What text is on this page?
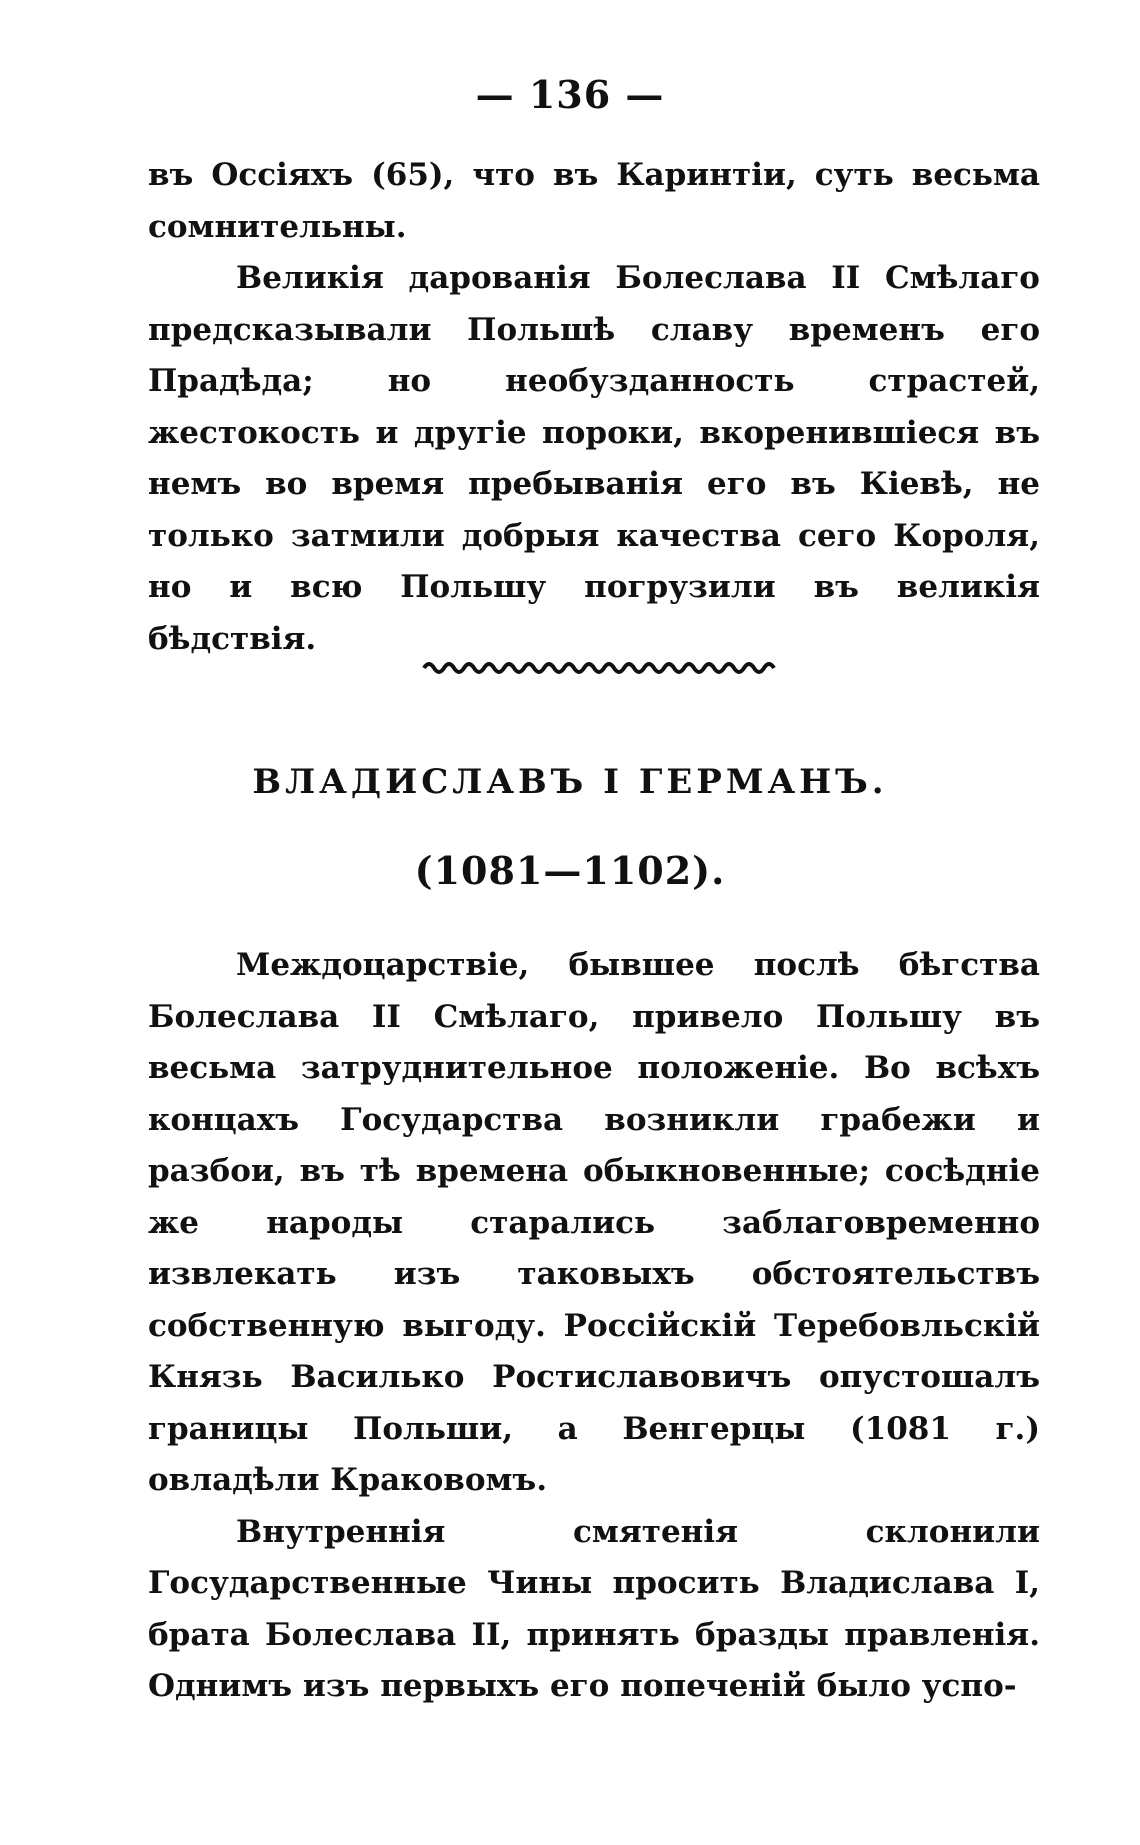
— 136 —

въ Оссіяхъ (65), что въ Каринтіи, суть весьма сомнительны.

Великія дарованія Болеслава II Смѣлаго предсказывали Польшѣ славу временъ его Прадѣда; но необузданность страстей, жестокость и другіе пороки, вкоренившіеся въ немъ во время пребыванія его въ Кіевѣ, не только затмили добрыя качества сего Короля, но и всю Польшу погрузили въ великія бѣдствія.

ВЛАДИСЛАВЪ I ГЕРМАНЪ.
(1081—1102).

Междоцарствіе, бывшее послѣ бѣгства Болеслава II Смѣлаго, привело Польшу въ весьма затруднительное положеніе. Во всѣхъ концахъ Государства возникли грабежи и разбои, въ тѣ времена обыкновенные; сосѣдніе же народы старались заблаговременно извлекать изъ таковыхъ обстоятельствъ собственную выгоду. Россійскій Теребовльскій Князь Василько Ростиславовичъ опустошалъ границы Польши, а Венгерцы (1081 г.) овладѣли Краковомъ.

Внутреннія смятенія склонили Государственные Чины просить Владислава I, брата Болеслава II, принять бразды правленія. Однимъ изъ первыхъ его попеченій было успо-
